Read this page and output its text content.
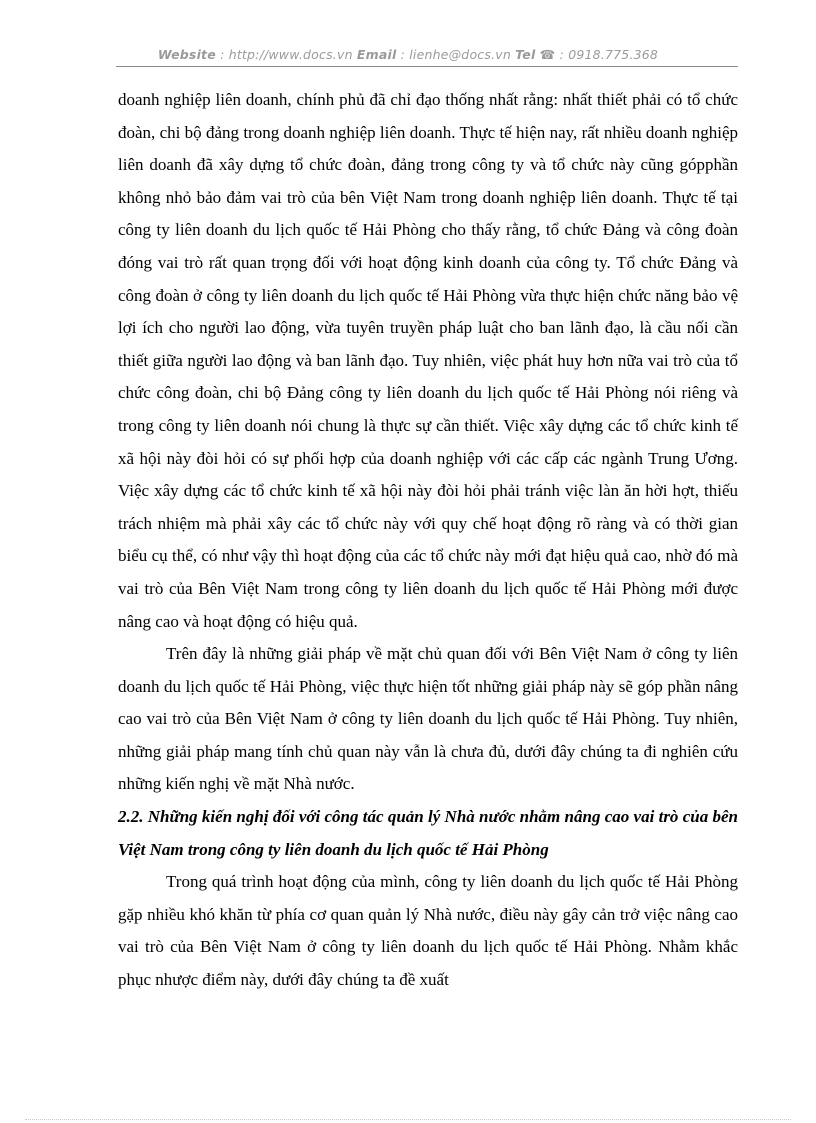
Website : http://www.docs.vn Email : lienhe@docs.vn Tel ☎ : 0918.775.368

doanh nghiệp liên doanh, chính phủ đã chỉ đạo thống nhất rằng: nhất thiết phải có tổ chức đoàn, chi bộ đảng trong doanh nghiệp liên doanh. Thực tế hiện nay, rất nhiều doanh nghiệp liên doanh đã xây dựng tổ chức đoàn, đảng trong công ty và tổ chức này cũng gópphần không nhỏ bảo đảm vai trò của bên Việt Nam trong doanh nghiệp liên doanh. Thực tế tại công ty liên doanh du lịch quốc tế Hải Phòng cho thấy rằng, tổ chức Đảng và công đoàn đóng vai trò rất quan trọng đối với hoạt động kinh doanh của công ty. Tổ chức Đảng và công đoàn ở công ty liên doanh du lịch quốc tế Hải Phòng vừa thực hiện chức năng bảo vệ lợi ích cho người lao động, vừa tuyên truyền pháp luật cho ban lãnh đạo, là cầu nối cần thiết giữa người lao động và ban lãnh đạo. Tuy nhiên, việc phát huy hơn nữa vai trò của tổ chức công đoàn, chi bộ Đảng công ty liên doanh du lịch quốc tế Hải Phòng nói riêng và trong công ty liên doanh nói chung là thực sự cần thiết. Việc xây dựng các tổ chức kinh tế xã hội này đòi hỏi có sự phối hợp của doanh nghiệp với các cấp các ngành Trung Ương. Việc xây dựng các tổ chức kinh tế xã hội này đòi hỏi phải tránh việc làn ăn hời hợt, thiếu trách nhiệm mà phải xây các tổ chức này với quy chế hoạt động rõ ràng và có thời gian biểu cụ thể, có như vậy thì hoạt động của các tổ chức này mới đạt hiệu quả cao, nhờ đó mà vai trò của Bên Việt Nam trong công ty liên doanh du lịch quốc tế Hải Phòng mới được nâng cao và hoạt động có hiệu quả.

Trên đây là những giải pháp về mặt chủ quan đối với Bên Việt Nam ở công ty liên doanh du lịch quốc tế Hải Phòng, việc thực hiện tốt những giải pháp này sẽ góp phần nâng cao vai trò của Bên Việt Nam ở công ty liên doanh du lịch quốc tế Hải Phòng. Tuy nhiên, những giải pháp mang tính chủ quan này vẫn là chưa đủ, dưới đây chúng ta đi nghiên cứu những kiến nghị về mặt Nhà nước.

2.2. Những kiến nghị đối với công tác quản lý Nhà nước nhằm nâng cao vai trò của bên Việt Nam trong công ty liên doanh du lịch quốc tế Hải Phòng

Trong quá trình hoạt động của mình, công ty liên doanh du lịch quốc tế Hải Phòng gặp nhiều khó khăn từ phía cơ quan quản lý Nhà nước, điều này gây cản trở việc nâng cao vai trò của Bên Việt Nam ở công ty liên doanh du lịch quốc tế Hải Phòng. Nhằm khắc phục nhược điểm này, dưới đây chúng ta đề xuất
